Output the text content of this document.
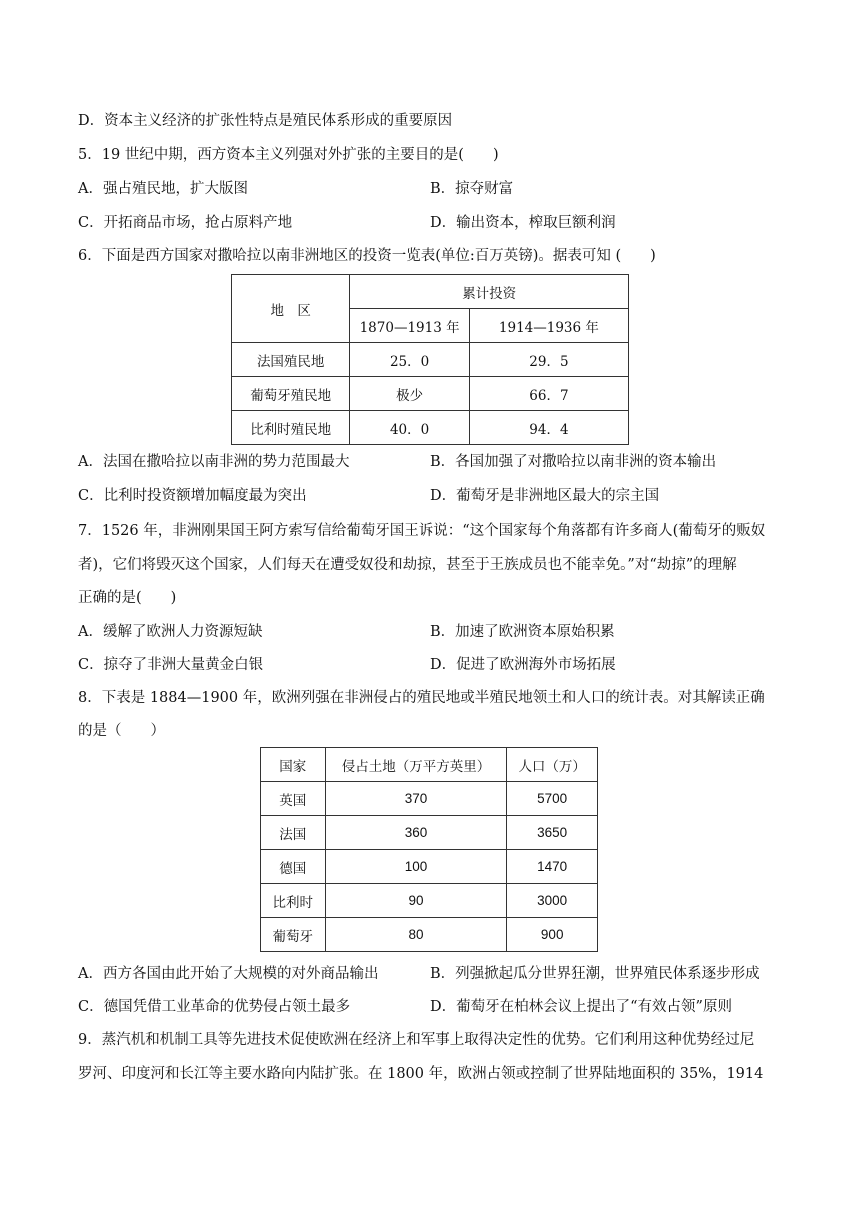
D．资本主义经济的扩张性特点是殖民体系形成的重要原因
5．19 世纪中期，西方资本主义列强对外扩张的主要目的是(　　)
A．强占殖民地，扩大版图	B．掠夺财富
C．开拓商品市场，抢占原料产地	D．输出资本，榨取巨额利润
6．下面是西方国家对撒哈拉以南非洲地区的投资一览表(单位:百万英镑)。据表可知 (　　)
地　区	累计投资	
	1870—1913 年	1914—1936 年
法国殖民地	25．0	29．5
葡萄牙殖民地	极少	66．7
比利时殖民地	40．0	94．4
A．法国在撒哈拉以南非洲的势力范围最大	B．各国加强了对撒哈拉以南非洲的资本输出
C．比利时投资额增加幅度最为突出	D．葡萄牙是非洲地区最大的宗主国
7．1526 年，非洲刚果国王阿方索写信给葡萄牙国王诉说：“这个国家每个角落都有许多商人(葡萄牙的贩奴
者)，它们将毁灭这个国家，人们每天在遭受奴役和劫掠，甚至于王族成员也不能幸免。”对“劫掠”的理解
正确的是(　　)
A．缓解了欧洲人力资源短缺	B．加速了欧洲资本原始积累
C．掠夺了非洲大量黄金白银	D．促进了欧洲海外市场拓展
8．下表是 1884—1900 年，欧洲列强在非洲侵占的殖民地或半殖民地领土和人口的统计表。对其解读正确
的是（　　）
国家	侵占土地（万平方英里）	人口（万）
英国	370	5700
法国	360	3650
德国	100	1470
比利时	90	3000
葡萄牙	80	900
A．西方各国由此开始了大规模的对外商品输出	B．列强掀起瓜分世界狂潮，世界殖民体系逐步形成
C．德国凭借工业革命的优势侵占领土最多	D．葡萄牙在柏林会议上提出了“有效占领”原则
9．蒸汽机和机制工具等先进技术促使欧洲在经济上和军事上取得决定性的优势。它们利用这种优势经过尼
罗河、印度河和长江等主要水路向内陆扩张。在 1800 年，欧洲占领或控制了世界陆地面积的 35%，1914
